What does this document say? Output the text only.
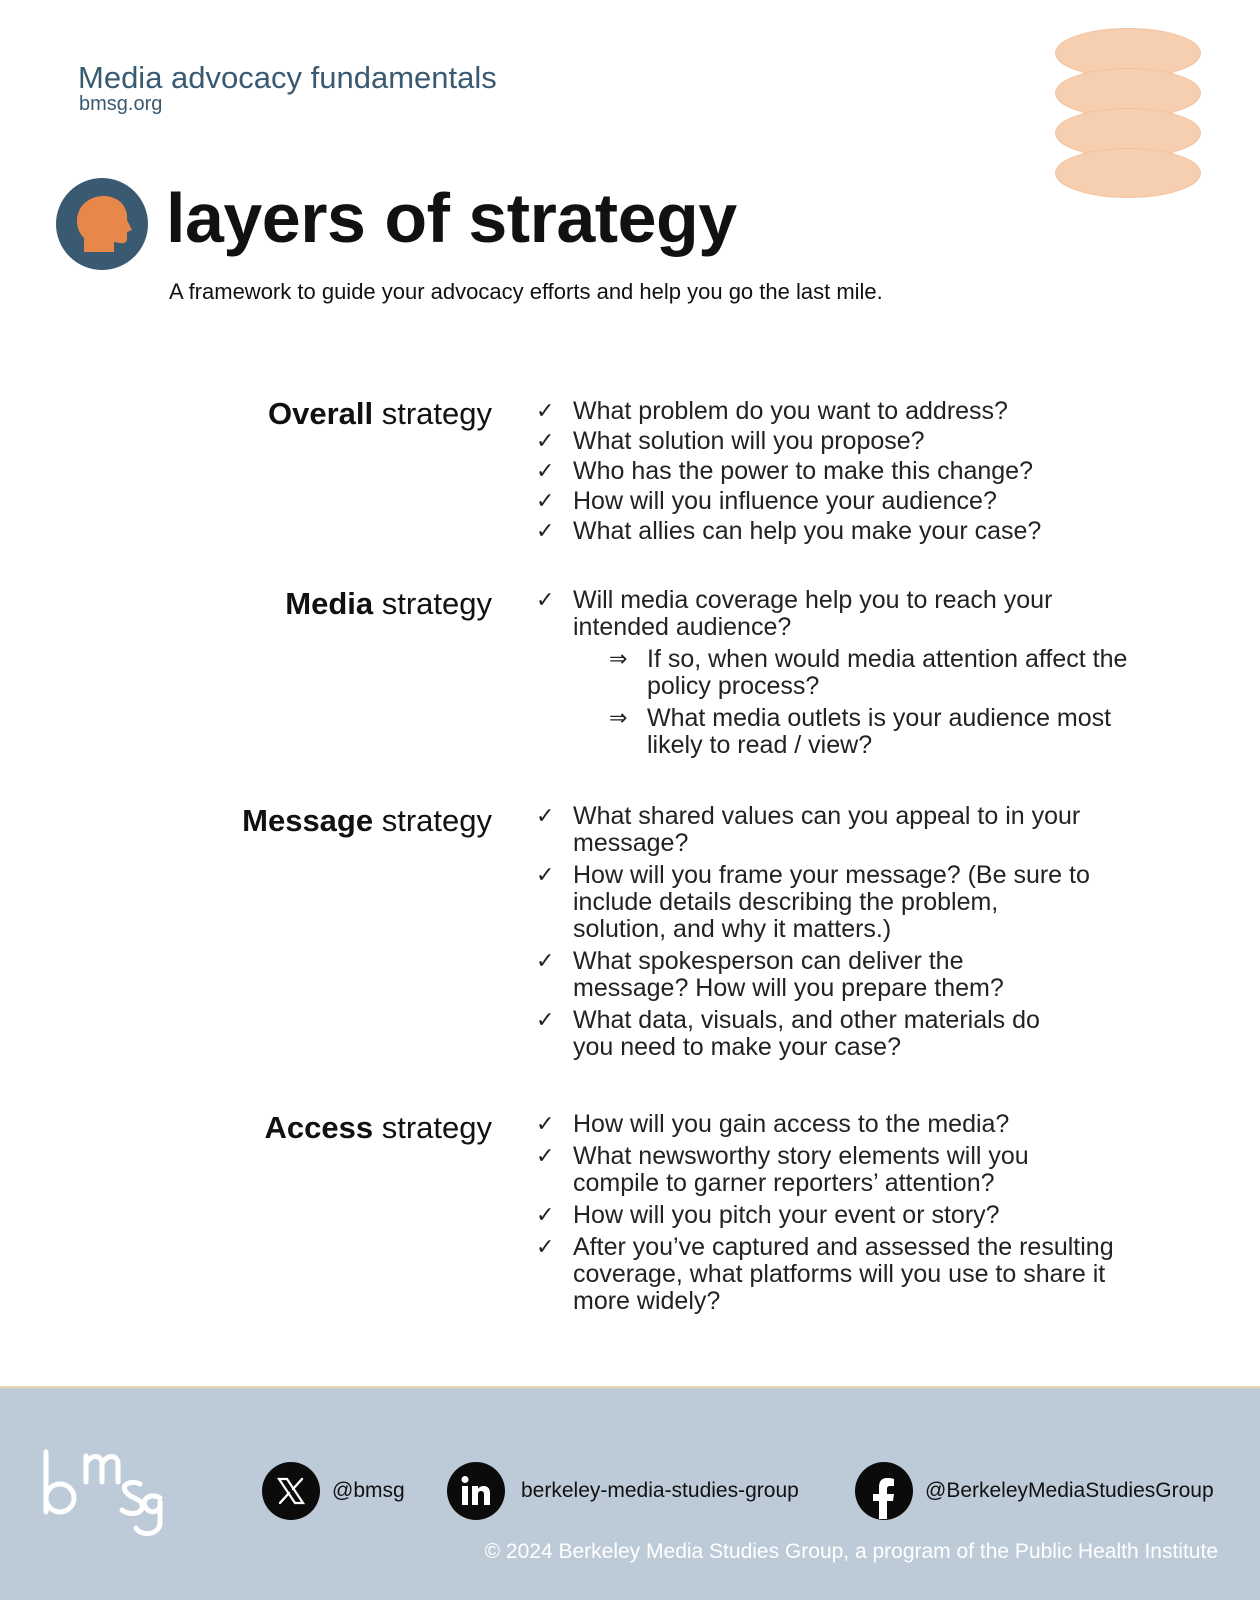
Media advocacy fundamentals
bmsg.org
layers of strategy
A framework to guide your advocacy efforts and help you go the last mile.
Overall strategy ✓ What problem do you want to address?
✓ What solution will you propose?
✓ Who has the power to make this change?
✓ How will you influence your audience?
✓ What allies can help you make your case?
Media strategy ✓ Will media coverage help you to reach your intended audience?
⇒ If so, when would media attention affect the policy process?
⇒ What media outlets is your audience most likely to read / view?
Message strategy ✓ What shared values can you appeal to in your message?
✓ How will you frame your message? (Be sure to include details describing the problem, solution, and why it matters.)
✓ What spokesperson can deliver the message? How will you prepare them?
✓ What data, visuals, and other materials do you need to make your case?
Access strategy ✓ How will you gain access to the media?
✓ What newsworthy story elements will you compile to garner reporters’ attention?
✓ How will you pitch your event or story?
✓ After you’ve captured and assessed the resulting coverage, what platforms will you use to share it more widely?
@bmsg	berkeley-media-studies-group	@BerkeleyMediaStudiesGroup
© 2024 Berkeley Media Studies Group, a program of the Public Health Institute
